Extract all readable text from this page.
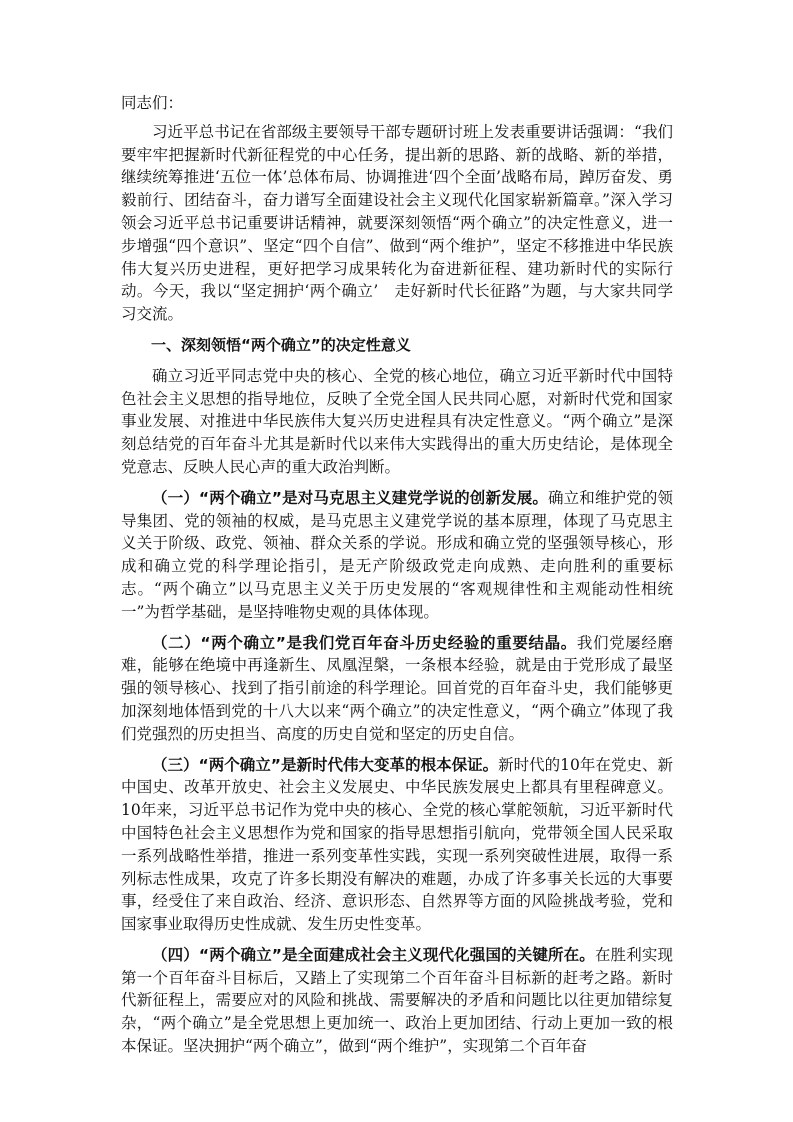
同志们：

习近平总书记在省部级主要领导干部专题研讨班上发表重要讲话强调：“我们要牢牢把握新时代新征程党的中心任务，提出新的思路、新的战略、新的举措，继续统筹推进‘五位一体’总体布局、协调推进‘四个全面’战略布局，踔厉奋发、勇毅前行、团结奋斗，奋力谱写全面建设社会主义现代化国家崭新篇章。”深入学习领会习近平总书记重要讲话精神，就要深刻领悟“两个确立”的决定性意义，进一步增强“四个意识”、坚定“四个自信”、做到“两个维护”，坚定不移推进中华民族伟大复兴历史进程，更好把学习成果转化为奋进新征程、建功新时代的实际行动。今天，我以“坚定拥护‘两个确立’　走好新时代长征路”为题，与大家共同学习交流。

一、深刻领悟“两个确立”的决定性意义

确立习近平同志党中央的核心、全党的核心地位，确立习近平新时代中国特色社会主义思想的指导地位，反映了全党全国人民共同心愿，对新时代党和国家事业发展、对推进中华民族伟大复兴历史进程具有决定性意义。“两个确立”是深刻总结党的百年奋斗尤其是新时代以来伟大实践得出的重大历史结论，是体现全党意志、反映人民心声的重大政治判断。

（一）“两个确立”是对马克思主义建党学说的创新发展。确立和维护党的领导集团、党的领袖的权威，是马克思主义建党学说的基本原理，体现了马克思主义关于阶级、政党、领袖、群众关系的学说。形成和确立党的坚强领导核心，形成和确立党的科学理论指引，是无产阶级政党走向成熟、走向胜利的重要标志。“两个确立”以马克思主义关于历史发展的“客观规律性和主观能动性相统一”为哲学基础，是坚持唯物史观的具体体现。

（二）“两个确立”是我们党百年奋斗历史经验的重要结晶。我们党屡经磨难，能够在绝境中再逢新生、凤凰涅槃，一条根本经验，就是由于党形成了最坚强的领导核心、找到了指引前途的科学理论。回首党的百年奋斗史，我们能够更加深刻地体悟到党的十八大以来“两个确立”的决定性意义，“两个确立”体现了我们党强烈的历史担当、高度的历史自觉和坚定的历史自信。

（三）“两个确立”是新时代伟大变革的根本保证。新时代的10年在党史、新中国史、改革开放史、社会主义发展史、中华民族发展史上都具有里程碑意义。10年来，习近平总书记作为党中央的核心、全党的核心掌舵领航，习近平新时代中国特色社会主义思想作为党和国家的指导思想指引航向，党带领全国人民采取一系列战略性举措，推进一系列变革性实践，实现一系列突破性进展，取得一系列标志性成果，攻克了许多长期没有解决的难题，办成了许多事关长远的大事要事，经受住了来自政治、经济、意识形态、自然界等方面的风险挑战考验，党和国家事业取得历史性成就、发生历史性变革。

（四）“两个确立”是全面建成社会主义现代化强国的关键所在。在胜利实现第一个百年奋斗目标后，又踏上了实现第二个百年奋斗目标新的赶考之路。新时代新征程上，需要应对的风险和挑战、需要解决的矛盾和问题比以往更加错综复杂，“两个确立”是全党思想上更加统一、政治上更加团结、行动上更加一致的根本保证。坚决拥护“两个确立”，做到“两个维护”，实现第二个百年奋
